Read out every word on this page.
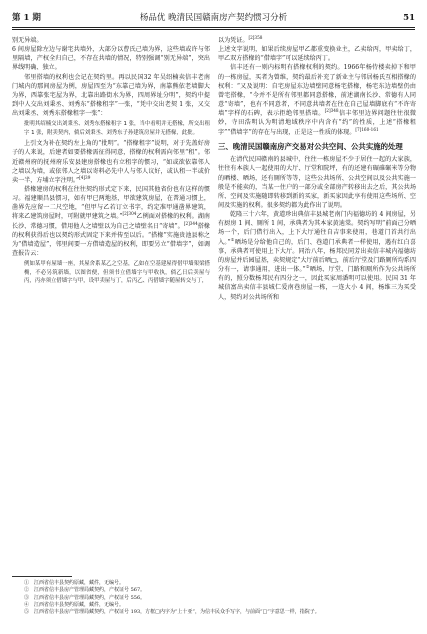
第 1 期	杨品优 晚清民国赣南房产契约惯习分析	51

别无异端。

6 间房屋除左边与谢宅共墙外，大部分以曹氏己墙为界，这些墙或许与邻里隔墙，产权全归自己，不存在共墙的情况，特别强调“别无异端”，突出界线明确、独立。

邻里搭墙的权利也会记在契约里。再以民国32 年吴绍楠卖信丰老南门城内的那间房屋为例，房屋四至为“东靠己墙为界，南靠熊依老墙脚大为界，西靠张宅屋为界，北靠出路街水为界，四周界址分明”，契约中提到中人交出刘秉丞、刘秀东“搭椽租字”一张，“凭中交出老契 1 张，又交出刘秉丞、刘秀东搭椽租字一张”：

批明其绍楠交出刘秉丞、刘秀东搭椽租字 1 张，当中看明并无搭椽，所交出租字 1 张，附卖契内，倘后刘秉丞、刘秀东子孙建筑房屋并无搭椽，此批。

上引文为补在契约左上角的“批明”。“搭椽租字”说明，对于先盖好房子的人来说，后建者如要搭椽需征得同意，搭椽的权利需向邻里“租”。邻近赣州府的抚州府乐安县建房搭椽也有立租字的惯习，“如或欲依靠邻人之墙以为墙，或依邻人之墙以寄料必先中人与邻人议好，或认租一半或价卖一半，方埔立字注明。”$^{[4]39}$

搭椽建房的权利在往往契约形式定下来，民国其他省份也有这样的惯习。福建顺昌县惯习，如有甲已两地基，甲欲建筑房屋，在普通习惯上，凿界先应留一二尺空地，“但甲与乙若订立书字，约定准甲通凿界建筑，将来乙建筑房屋时，可附就甲建筑之墙。”$^{[2]304}$乙例面对搭椽的权利。湖南长沙、常德习惯，借用他人之墙壁以为自己之墙壁名日“寄墙”。$^{[2]344}$搭椽的权利获得后也以契约形式固定下来并传至以后。“搭椽”实施贵池县称之为“借墙造屋”，邻里间要一方借墙造屋的权利，即要另立“借墙字”，如调查报告云：

例如某甲有屋墙一座，其屋舍系某乙之空基，乙如在空基建屋得借甲墙架梁搭桷，不必另筑新墙，以图省便，但须书立借墙字与甲收执，倘乙日后卖屋与丙，丙亦须立借墙字与甲，设甲卖屋与丁，后丙乙、丙借墙字随屋转交与丁，

以为凭证。$^{[2]358}$

上述文字说明，如果后续房屋甲乙都重变换业主，乙卖给丙，甲卖给丁，甲乙双方搭椽的“借墙字”可以延续给丙丁。

信丰还有一则内标明有搭椽权利的契约。1966年杨侍楼卖掉下和甲的一栋房屋，买者为曾维，契约最后补充了新业主与邻居杨氏互相搭椽的权利：“又及说明：自宅房屋东边墙壁同意杨宅搭椽，杨宅东边墙壁仍由曾宅搭椽，“今并不是所有邻里都同意搭椽，前述湖南长沙、常德有人同意“寄墙”，也有不同意者，不同意共墙者在往在自己屋墙脚底有“不许寄墙”字样的石碑，表示拒绝邻里搭墙。$^{[2]348}$信丰邻里边界问题往往很微妙，寺田浩明认为明清地域秩序中内含有“约”的性质，上述“搭椽租字”“借墙字”的存在与出现，正是这一性质的体现。$^{[7]160-161}$

三、晚清民国赣南房产交易对公共空间、公共实施的处理

在清代民国赣南的县城中，往往一栋房屋不少于居住一起的大家族，往往有本族人一起使用的大厅、厅堂和院坪，有的还建有碾碓碾米等分物的晒楼、晒场，还有厕所等等，这些公共场所、公共空间以及公共实施一般是不能卖的，当某一住户的一部分或全部房产转移出去之后，其公共场所、空间及实施随即转移到新的买家，新买家因此享有使用这些场所、空间及实施的权利。很多契约都为此作出了说明。

乾隆三十六年，黄道珍出典信丰县城老南门内福德坊的 4 间房屋，另有厨房 1 间、厕所 1 间，承典者为其本家黄迪棠。契约写明“前面己分晒场一个，后门借行出入，上下大厅通往自吉事来使用，巷道门首共行出入。”①晒场是分给他自己的，后门、巷道门承典者一样使用，遇有红白喜事，承典者可使用上下大厅。同治八年，杨邦民同芳出卖信丰城内福德坊的房屋并后园屋基，卖契规定“大厅前后晒□，前后厅堂及门路厕所均系四分有一，请事通用，进出一体。”②晒场、厅堂、门路和厕所作为公共场所有的，照分数杨邦民有四分之一，因此买家周潘明可以使用。民国 31 年城信富出卖信丰县城仁爱南巷房屋一栋，一连大小 4 间，杨维三为买受人，契约对公共场所和

①　江西省信丰县契约原藏，藏件，无编号。

②　江西省信丰县房产管理局藏契约，产权证号 567。

③　江西省信丰县房产管理局藏契约，产权证号 556。

④　江西省信丰县契约原藏，藏件，无编号。

⑤　江西省信丰县房产管理局藏契约，产权证号 193，方框□内字为“上十亚”，为信丰民众手写字，与前面“□”字意思一样，指院子。
